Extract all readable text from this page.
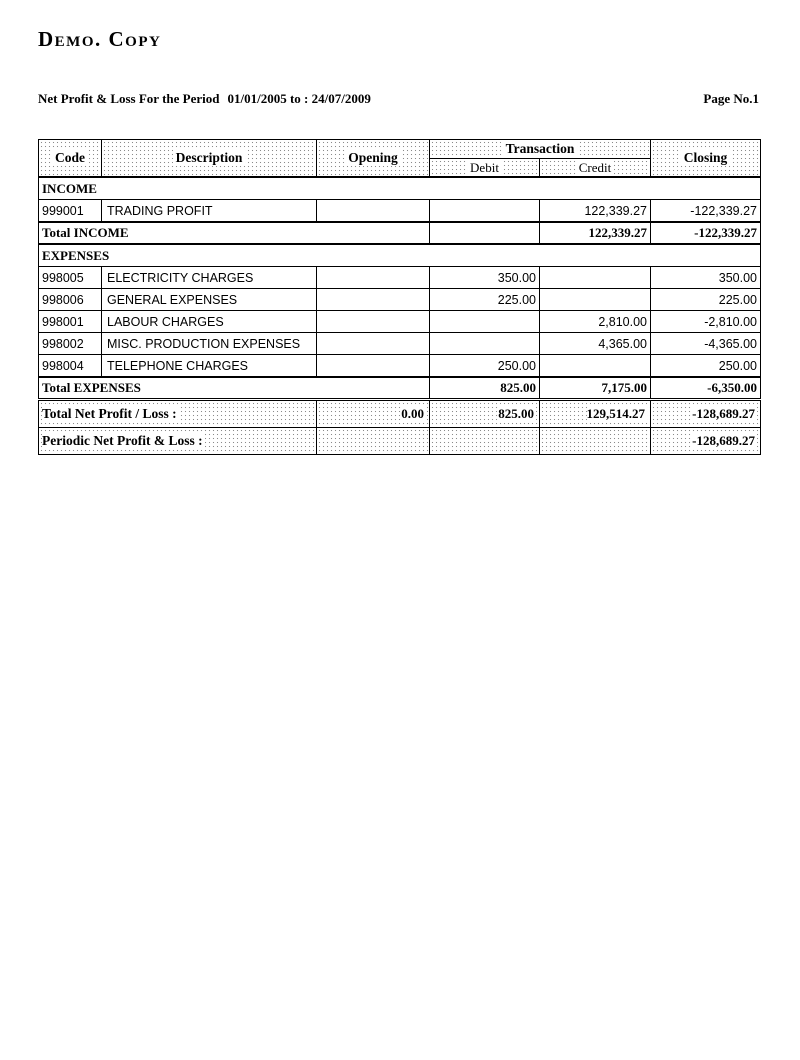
Demo. Copy
Net Profit & Loss For the Period 01/01/2005 to : 24/07/2009	Page No.1
Code	Description	Opening	Transaction		Closing
			Debit	Credit	
INCOME					
999001	TRADING PROFIT			122,339.27	-122,339.27
Total INCOME				122,339.27	-122,339.27
EXPENSES					
998005	ELECTRICITY CHARGES		350.00		350.00
998006	GENERAL EXPENSES		225.00		225.00
998001	LABOUR CHARGES			2,810.00	-2,810.00
998002	MISC. PRODUCTION EXPENSES			4,365.00	-4,365.00
998004	TELEPHONE CHARGES		250.00		250.00
Total EXPENSES			825.00	7,175.00	-6,350.00
Total Net Profit / Loss :		0.00	825.00	129,514.27	-128,689.27
Periodic Net Profit & Loss :					-128,689.27
